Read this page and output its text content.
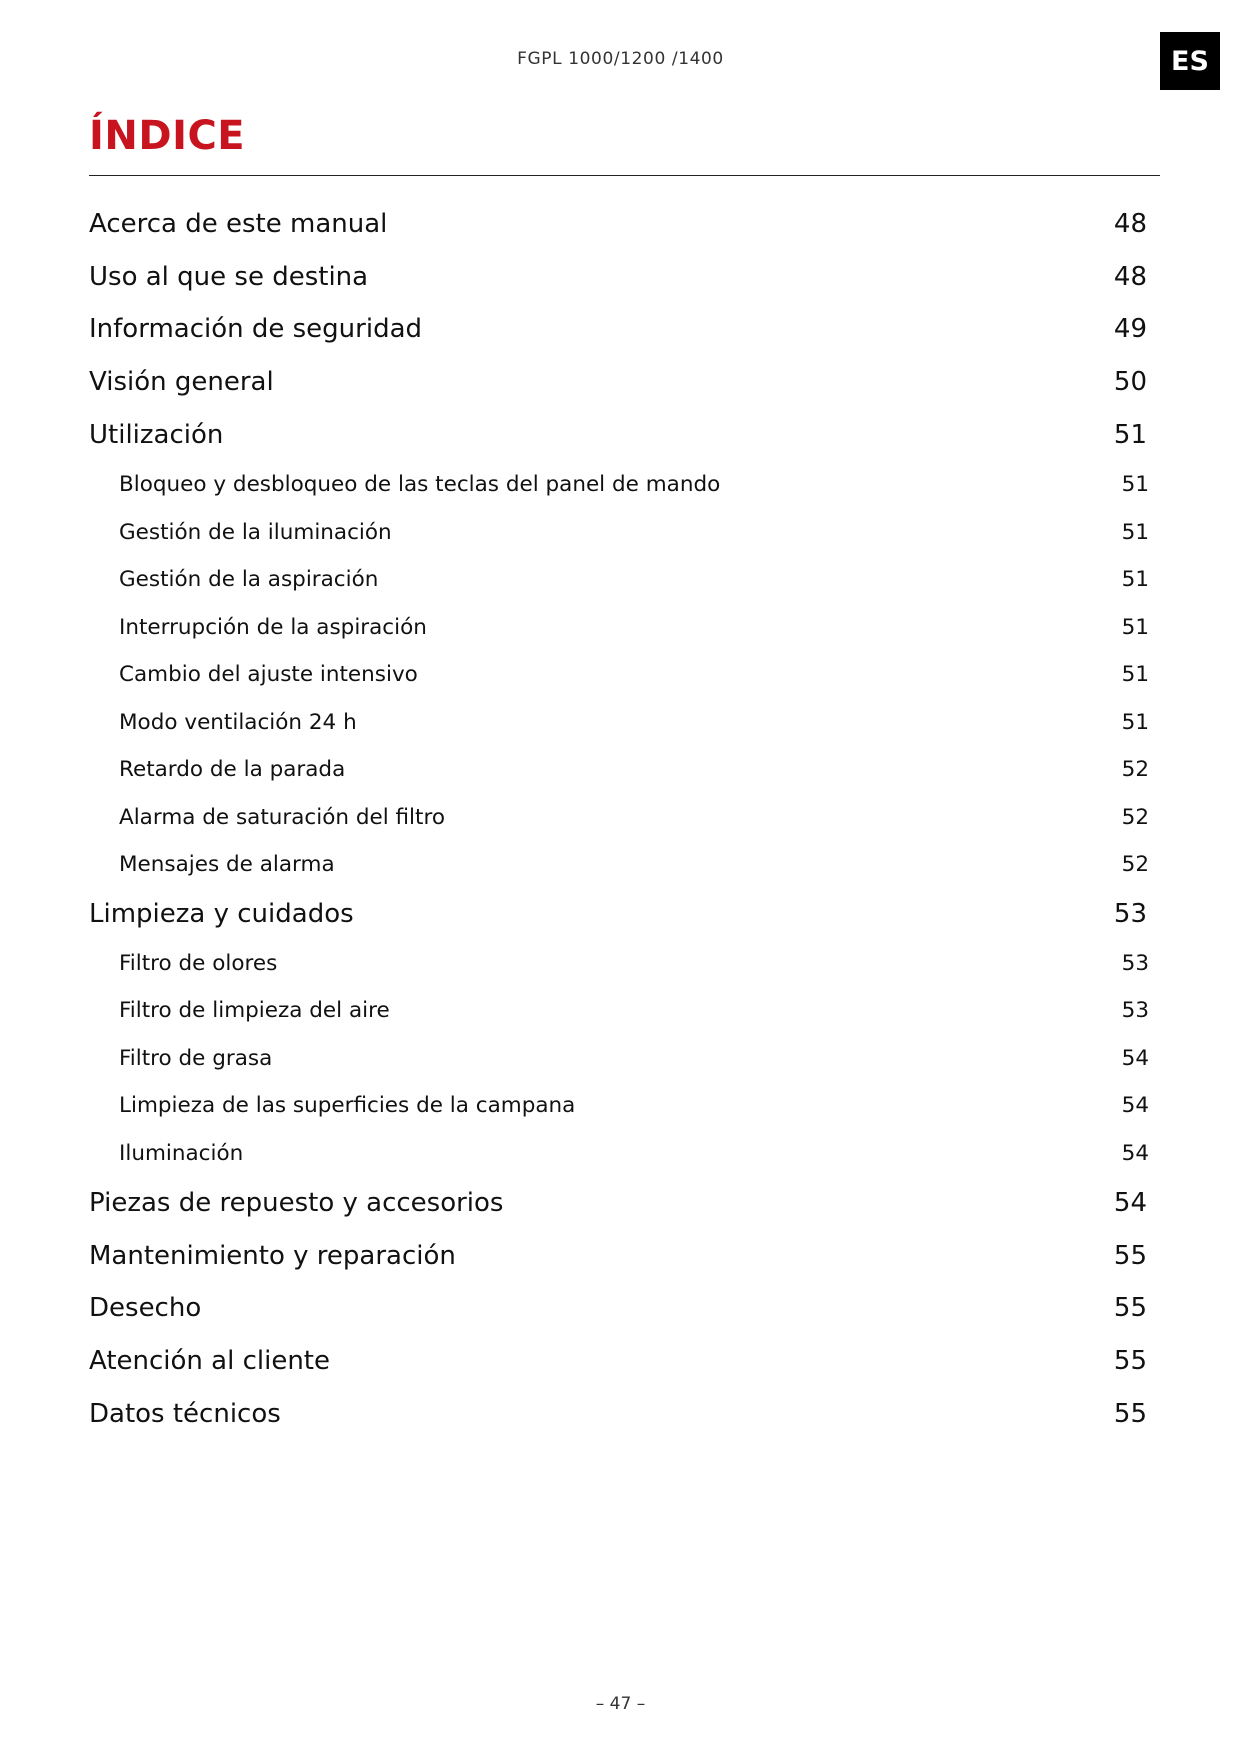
FGPL 1000/1200 /1400	ES
ÍNDICE
Acerca de este manual	48
Uso al que se destina	48
Información de seguridad	49
Visión general	50
Utilización	51
Bloqueo y desbloqueo de las teclas del panel de mando	51
Gestión de la iluminación	51
Gestión de la aspiración	51
Interrupción de la aspiración	51
Cambio del ajuste intensivo	51
Modo ventilación 24 h	51
Retardo de la parada	52
Alarma de saturación del filtro	52
Mensajes de alarma	52
Limpieza y cuidados	53
Filtro de olores	53
Filtro de limpieza del aire	53
Filtro de grasa	54
Limpieza de las superficies de la campana	54
Iluminación	54
Piezas de repuesto y accesorios	54
Mantenimiento y reparación	55
Desecho	55
Atención al cliente	55
Datos técnicos	55
– 47 –
